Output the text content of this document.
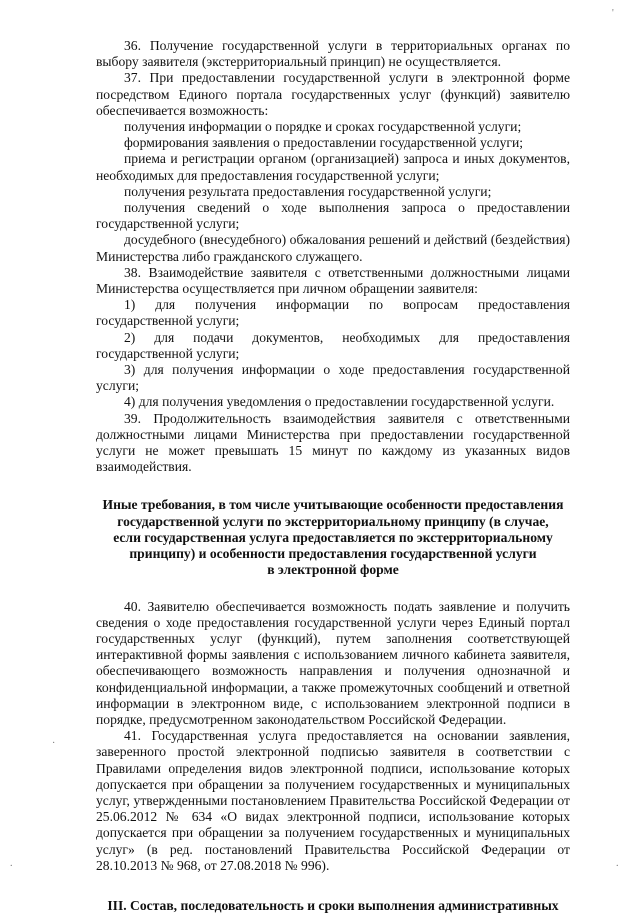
'
·
.	.

36. Получение государственной услуги в территориальных органах по выбору заявителя (экстерриториальный принцип) не осуществляется.

37. При предоставлении государственной услуги в электронной форме посредством Единого портала государственных услуг (функций) заявителю обеспечивается возможность:

получения информации о порядке и сроках государственной услуги;

формирования заявления о предоставлении государственной услуги;

приема и регистрации органом (организацией) запроса и иных документов, необходимых для предоставления государственной услуги;

получения результата предоставления государственной услуги;

получения сведений о ходе выполнения запроса о предоставлении государственной услуги;

досудебного (внесудебного) обжалования решений и действий (бездействия) Министерства либо гражданского служащего.

38. Взаимодействие заявителя с ответственными должностными лицами Министерства осуществляется при личном обращении заявителя:

1) для получения информации по вопросам предоставления государственной услуги;

2) для подачи документов, необходимых для предоставления государственной услуги;

3) для получения информации о ходе предоставления государственной услуги;

4) для получения уведомления о предоставлении государственной услуги.

39. Продолжительность взаимодействия заявителя с ответственными должностными лицами Министерства при предоставлении государственной услуги не может превышать 15 минут по каждому из указанных видов взаимодействия.

Иные требования, в том числе учитывающие особенности предоставления
государственной услуги по экстерриториальному принципу (в случае,
если государственная услуга предоставляется по экстерриториальному
принципу) и особенности предоставления государственной услуги
в электронной форме

40. Заявителю обеспечивается возможность подать заявление и получить сведения о ходе предоставления государственной услуги через Единый портал государственных услуг (функций), путем заполнения соответствующей интерактивной формы заявления с использованием личного кабинета заявителя, обеспечивающего возможность направления и получения однозначной и конфиденциальной информации, а также промежуточных сообщений и ответной информации в электронном виде, с использованием электронной подписи в порядке, предусмотренном законодательством Российской Федерации.

41. Государственная услуга предоставляется на основании заявления, заверенного простой электронной подписью заявителя в соответствии с Правилами определения видов электронной подписи, использование которых допускается при обращении за получением государственных и муниципальных услуг, утвержденными постановлением Правительства Российской Федерации от 25.06.2012 № 634 «О видах электронной подписи, использование которых допускается при обращении за получением государственных и муниципальных услуг» (в ред. постановлений Правительства Российской Федерации от 28.10.2013 № 968, от 27.08.2018 № 996).

III. Состав, последовательность и сроки выполнения административных
